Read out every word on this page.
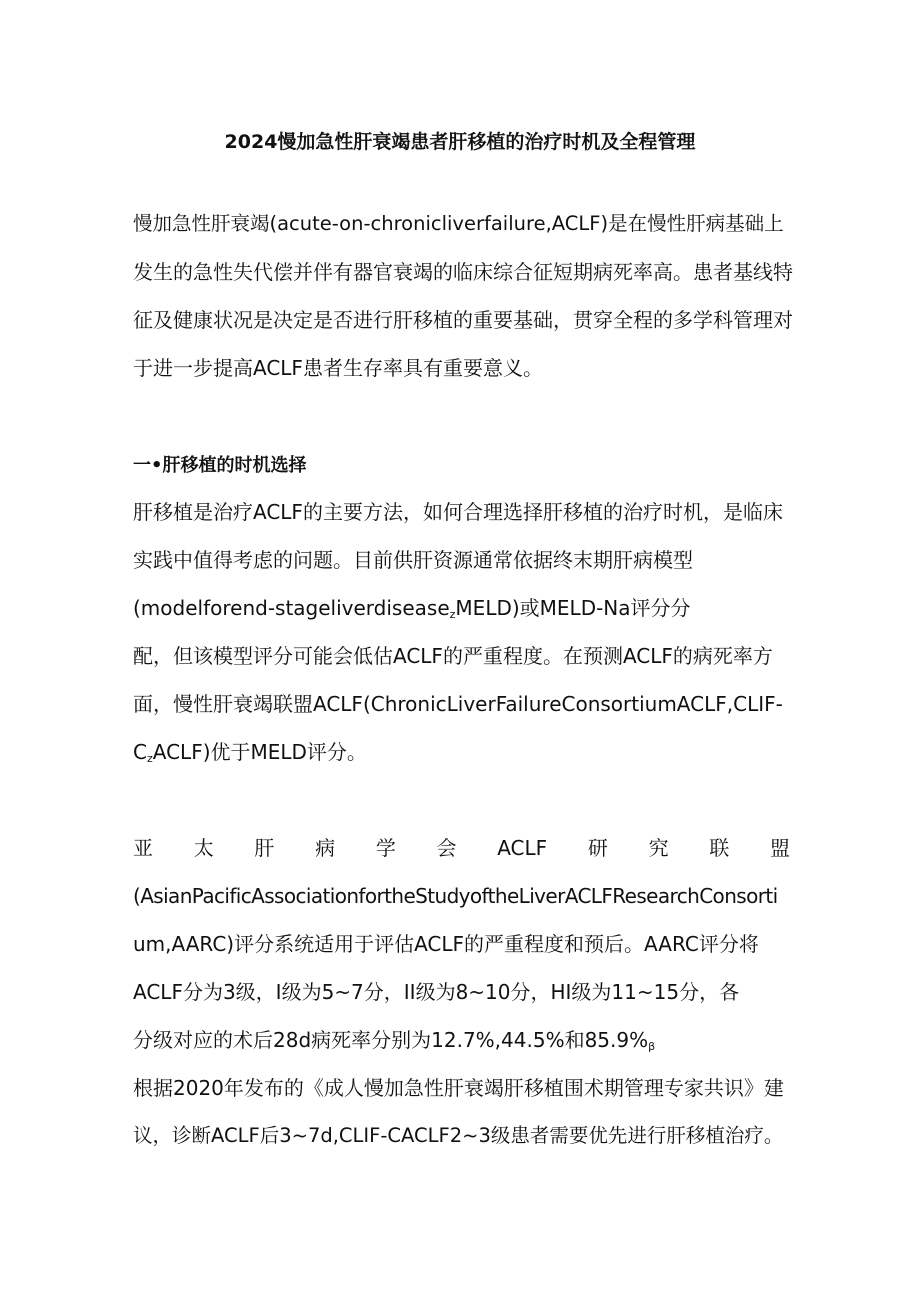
2024慢加急性肝衰竭患者肝移植的治疗时机及全程管理

慢加急性肝衰竭(acute-on-chronicliverfailure,ACLF)是在慢性肝病基础上

发生的急性失代偿并伴有器官衰竭的临床综合征短期病死率高。患者基线特

征及健康状况是决定是否进行肝移植的重要基础，贯穿全程的多学科管理对

于进一步提高ACLF患者生存率具有重要意义。

一•肝移植的时机选择

肝移植是治疗ACLF的主要方法，如何合理选择肝移植的治疗时机，是临床

实践中值得考虑的问题。目前供肝资源通常依据终末期肝病模型

(modelforend-stageliverdisease$_z$MELD)或MELD-Na评分分

配，但该模型评分可能会低估ACLF的严重程度。在预测ACLF的病死率方

面，慢性肝衰竭联盟ACLF(ChronicLiverFailureConsortiumACLF,CLIF-

$C_zACLF$)优于MELD评分。

亚 太 肝 病 学 会 ACLF 研 究 联 盟

(AsianPacificAssociationfortheStudyoftheLiverACLFResearchConsorti

um,AARC)评分系统适用于评估ACLF的严重程度和预后。AARC评分将

ACLF分为3级，I级为5~7分，II级为8~10分，HI级为11~15分，各

分级对应的术后28d病死率分别为12.7%,44.5%和$85.9\%_\beta$

根据2020年发布的《成人慢加急性肝衰竭肝移植围术期管理专家共识》建

议，诊断ACLF后3~7d,CLIF-CACLF2~3级患者需要优先进行肝移植治疗。
